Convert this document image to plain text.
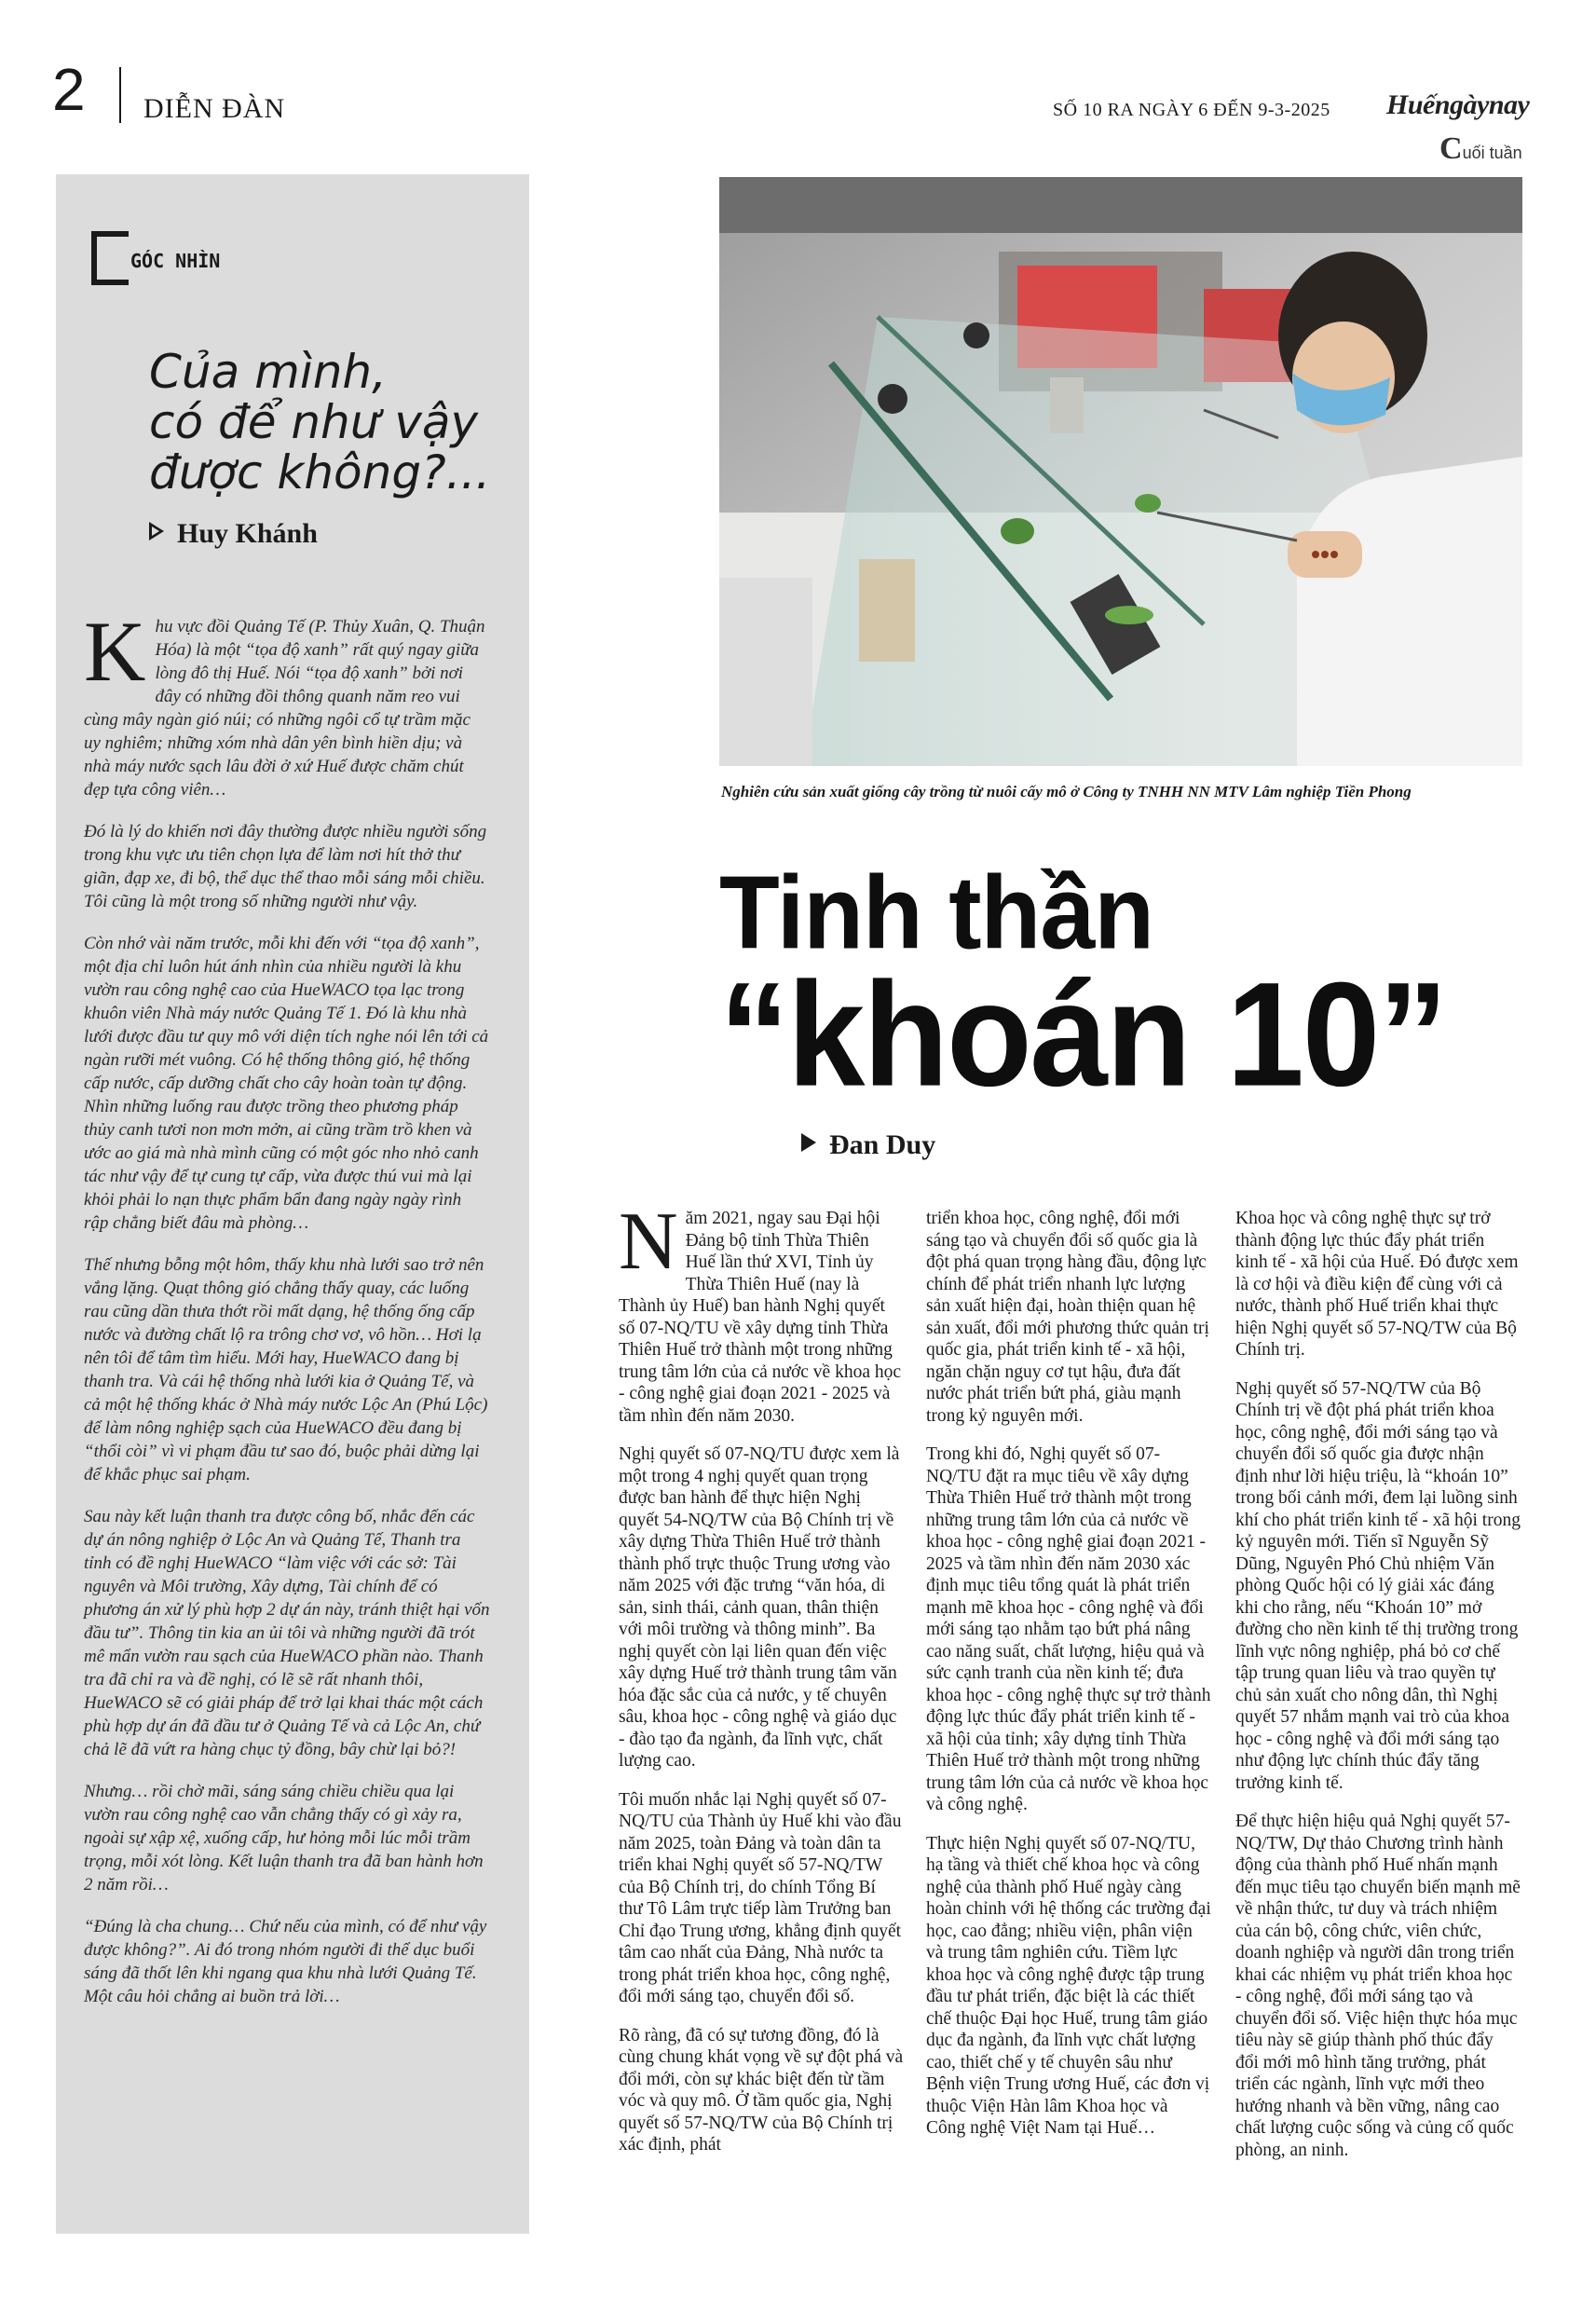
2 DIỄN ĐÀN	SỐ 10 RA NGÀY 6 ĐẾN 9-3-2025 Huếngàynay
Cuối tuần
GÓC NHÌN
Của mình,
có để như vậy
được không?...
Huy Khánh

Khu vực đồi Quảng Tế (P. Thủy Xuân, Q. Thuận Hóa) là một “tọa độ xanh” rất quý ngay giữa lòng đô thị Huế. Nói “tọa độ xanh” bởi nơi đây có những đồi thông quanh năm reo vui cùng mây ngàn gió núi; có những ngôi cổ tự trầm mặc uy nghiêm; những xóm nhà dân yên bình hiền dịu; và nhà máy nước sạch lâu đời ở xứ Huế được chăm chút đẹp tựa công viên…

Đó là lý do khiến nơi đây thường được nhiều người sống trong khu vực ưu tiên chọn lựa để làm nơi hít thở thư giãn, đạp xe, đi bộ, thể dục thể thao mỗi sáng mỗi chiều. Tôi cũng là một trong số những người như vậy.

Còn nhớ vài năm trước, mỗi khi đến với “tọa độ xanh”, một địa chỉ luôn hút ánh nhìn của nhiều người là khu vườn rau công nghệ cao của HueWACO tọa lạc trong khuôn viên Nhà máy nước Quảng Tế 1. Đó là khu nhà lưới được đầu tư quy mô với diện tích nghe nói lên tới cả ngàn rưỡi mét vuông. Có hệ thống thông gió, hệ thống cấp nước, cấp dưỡng chất cho cây hoàn toàn tự động. Nhìn những luống rau được trồng theo phương pháp thủy canh tươi non mơn mởn, ai cũng trầm trồ khen và ước ao giá mà nhà mình cũng có một góc nho nhỏ canh tác như vậy để tự cung tự cấp, vừa được thú vui mà lại khỏi phải lo nạn thực phẩm bẩn đang ngày ngày rình rập chẳng biết đâu mà phòng…

Thế nhưng bỗng một hôm, thấy khu nhà lưới sao trở nên vắng lặng. Quạt thông gió chẳng thấy quay, các luống rau cũng dần thưa thớt rồi mất dạng, hệ thống ống cấp nước và đường chất lộ ra trông chơ vơ, vô hồn… Hơi lạ nên tôi để tâm tìm hiểu. Mới hay, HueWACO đang bị thanh tra. Và cái hệ thống nhà lưới kia ở Quảng Tế, và cả một hệ thống khác ở Nhà máy nước Lộc An (Phú Lộc) để làm nông nghiệp sạch của HueWACO đều đang bị “thổi còi” vì vi phạm đầu tư sao đó, buộc phải dừng lại để khắc phục sai phạm.

Sau này kết luận thanh tra được công bố, nhắc đến các dự án nông nghiệp ở Lộc An và Quảng Tế, Thanh tra tỉnh có đề nghị HueWACO “làm việc với các sở: Tài nguyên và Môi trường, Xây dựng, Tài chính để có phương án xử lý phù hợp 2 dự án này, tránh thiệt hại vốn đầu tư”. Thông tin kia an ủi tôi và những người đã trót mê mẩn vườn rau sạch của HueWACO phần nào. Thanh tra đã chỉ ra và đề nghị, có lẽ sẽ rất nhanh thôi, HueWACO sẽ có giải pháp để trở lại khai thác một cách phù hợp dự án đã đầu tư ở Quảng Tế và cả Lộc An, chứ chả lẽ đã vứt ra hàng chục tỷ đồng, bây chừ lại bỏ?!

Nhưng… rồi chờ mãi, sáng sáng chiều chiều qua lại vườn rau công nghệ cao vẫn chẳng thấy có gì xảy ra, ngoài sự xập xệ, xuống cấp, hư hỏng mỗi lúc mỗi trầm trọng, mỗi xót lòng. Kết luận thanh tra đã ban hành hơn 2 năm rồi…

“Đúng là cha chung… Chứ nếu của mình, có để như vậy được không?”. Ai đó trong nhóm người đi thể dục buổi sáng đã thốt lên khi ngang qua khu nhà lưới Quảng Tế. Một câu hỏi chẳng ai buồn trả lời…

Nghiên cứu sản xuất giống cây trồng từ nuôi cấy mô ở Công ty TNHH NN MTV Lâm nghiệp Tiền Phong
Tinh thần
“khoán 10”
Đan Duy

Năm 2021, ngay sau Đại hội Đảng bộ tỉnh Thừa Thiên Huế lần thứ XVI, Tỉnh ủy Thừa Thiên Huế (nay là Thành ủy Huế) ban hành Nghị quyết số 07-NQ/TU về xây dựng tỉnh Thừa Thiên Huế trở thành một trong những trung tâm lớn của cả nước về khoa học - công nghệ giai đoạn 2021 - 2025 và tầm nhìn đến năm 2030.

Nghị quyết số 07-NQ/TU được xem là một trong 4 nghị quyết quan trọng được ban hành để thực hiện Nghị quyết 54-NQ/TW của Bộ Chính trị về xây dựng Thừa Thiên Huế trở thành thành phố trực thuộc Trung ương vào năm 2025 với đặc trưng “văn hóa, di sản, sinh thái, cảnh quan, thân thiện với môi trường và thông minh”. Ba nghị quyết còn lại liên quan đến việc xây dựng Huế trở thành trung tâm văn hóa đặc sắc của cả nước, y tế chuyên sâu, khoa học - công nghệ và giáo dục - đào tạo đa ngành, đa lĩnh vực, chất lượng cao.

Tôi muốn nhắc lại Nghị quyết số 07-NQ/TU của Thành ủy Huế khi vào đầu năm 2025, toàn Đảng và toàn dân ta triển khai Nghị quyết số 57-NQ/TW của Bộ Chính trị, do chính Tổng Bí thư Tô Lâm trực tiếp làm Trưởng ban Chỉ đạo Trung ương, khẳng định quyết tâm cao nhất của Đảng, Nhà nước ta trong phát triển khoa học, công nghệ, đổi mới sáng tạo, chuyển đổi số.

Rõ ràng, đã có sự tương đồng, đó là cùng chung khát vọng về sự đột phá và đổi mới, còn sự khác biệt đến từ tầm vóc và quy mô. Ở tầm quốc gia, Nghị quyết số 57-NQ/TW của Bộ Chính trị xác định, phát

triển khoa học, công nghệ, đổi mới sáng tạo và chuyển đổi số quốc gia là đột phá quan trọng hàng đầu, động lực chính để phát triển nhanh lực lượng sản xuất hiện đại, hoàn thiện quan hệ sản xuất, đổi mới phương thức quản trị quốc gia, phát triển kinh tế - xã hội, ngăn chặn nguy cơ tụt hậu, đưa đất nước phát triển bứt phá, giàu mạnh trong kỷ nguyên mới.

Trong khi đó, Nghị quyết số 07-NQ/TU đặt ra mục tiêu về xây dựng Thừa Thiên Huế trở thành một trong những trung tâm lớn của cả nước về khoa học - công nghệ giai đoạn 2021 - 2025 và tầm nhìn đến năm 2030 xác định mục tiêu tổng quát là phát triển mạnh mẽ khoa học - công nghệ và đổi mới sáng tạo nhằm tạo bứt phá nâng cao năng suất, chất lượng, hiệu quả và sức cạnh tranh của nền kinh tế; đưa khoa học - công nghệ thực sự trở thành động lực thúc đẩy phát triển kinh tế - xã hội của tỉnh; xây dựng tỉnh Thừa Thiên Huế trở thành một trong những trung tâm lớn của cả nước về khoa học và công nghệ.

Thực hiện Nghị quyết số 07-NQ/TU, hạ tầng và thiết chế khoa học và công nghệ của thành phố Huế ngày càng hoàn chỉnh với hệ thống các trường đại học, cao đẳng; nhiều viện, phân viện và trung tâm nghiên cứu. Tiềm lực khoa học và công nghệ được tập trung đầu tư phát triển, đặc biệt là các thiết chế thuộc Đại học Huế, trung tâm giáo dục đa ngành, đa lĩnh vực chất lượng cao, thiết chế y tế chuyên sâu như Bệnh viện Trung ương Huế, các đơn vị thuộc Viện Hàn lâm Khoa học và Công nghệ Việt Nam tại Huế…

Khoa học và công nghệ thực sự trở thành động lực thúc đẩy phát triển kinh tế - xã hội của Huế. Đó được xem là cơ hội và điều kiện để cùng với cả nước, thành phố Huế triển khai thực hiện Nghị quyết số 57-NQ/TW của Bộ Chính trị.

Nghị quyết số 57-NQ/TW của Bộ Chính trị về đột phá phát triển khoa học, công nghệ, đổi mới sáng tạo và chuyển đổi số quốc gia được nhận định như lời hiệu triệu, là “khoán 10” trong bối cảnh mới, đem lại luồng sinh khí cho phát triển kinh tế - xã hội trong kỷ nguyên mới. Tiến sĩ Nguyễn Sỹ Dũng, Nguyên Phó Chủ nhiệm Văn phòng Quốc hội có lý giải xác đáng khi cho rằng, nếu “Khoán 10” mở đường cho nền kinh tế thị trường trong lĩnh vực nông nghiệp, phá bỏ cơ chế tập trung quan liêu và trao quyền tự chủ sản xuất cho nông dân, thì Nghị quyết 57 nhắm mạnh vai trò của khoa học - công nghệ và đổi mới sáng tạo như động lực chính thúc đẩy tăng trưởng kinh tế.

Để thực hiện hiệu quả Nghị quyết 57-NQ/TW, Dự thảo Chương trình hành động của thành phố Huế nhấn mạnh đến mục tiêu tạo chuyển biến mạnh mẽ về nhận thức, tư duy và trách nhiệm của cán bộ, công chức, viên chức, doanh nghiệp và người dân trong triển khai các nhiệm vụ phát triển khoa học - công nghệ, đổi mới sáng tạo và chuyển đổi số. Việc hiện thực hóa mục tiêu này sẽ giúp thành phố thúc đẩy đổi mới mô hình tăng trưởng, phát triển các ngành, lĩnh vực mới theo hướng nhanh và bền vững, nâng cao chất lượng cuộc sống và củng cố quốc phòng, an ninh.
